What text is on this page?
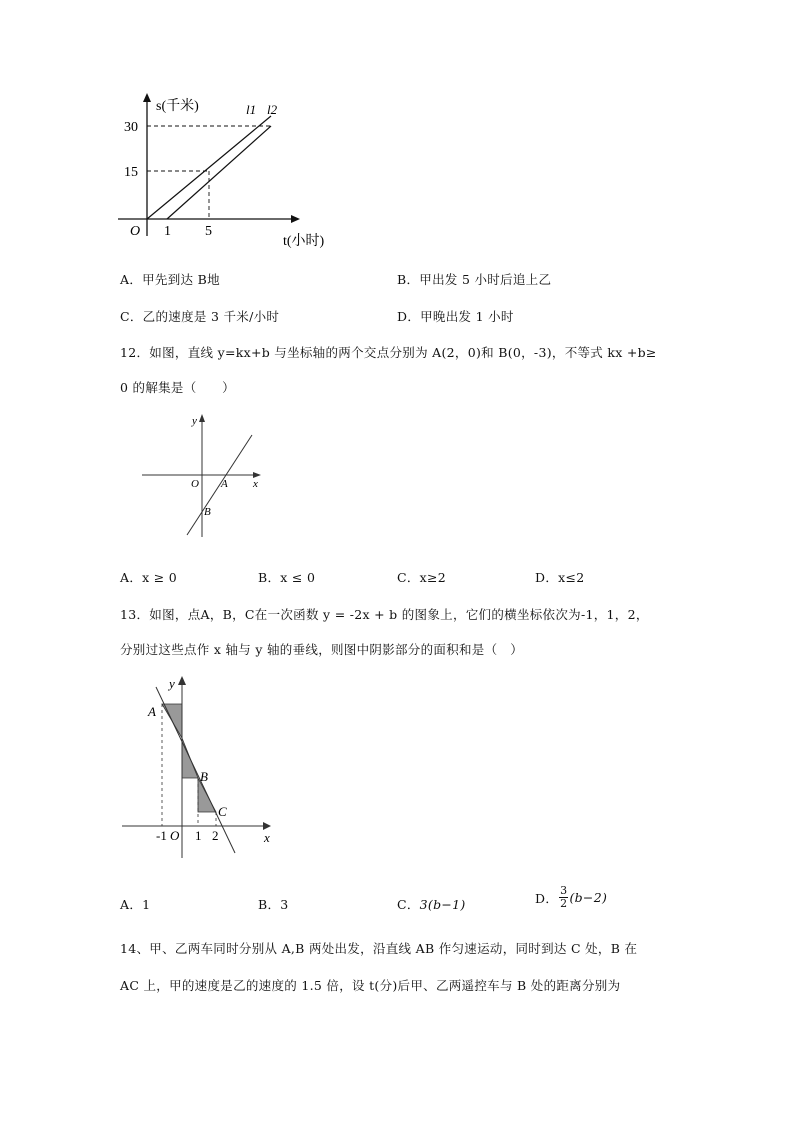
s(千米)
t(小时)
O
30
15
1 5
l1 l2
A．甲先到达 B地	B．甲出发 5 小时后追上乙
C．乙的速度是 3 千米/小时	D．甲晚出发 1 小时
12．如图，直线 y=kx+b 与坐标轴的两个交点分别为 A(2，0)和 B(0，-3)，不等式 kx +b≥
0 的解集是（　　）
y
x
O A
B
A．x ≥ 0	B．x ≤ 0	C．x≥2	D．x≤2
13．如图，点A，B，C在一次函数 y = -2x + b 的图象上，它们的横坐标依次为-1，1，2，
分别过这些点作 x 轴与 y 轴的垂线，则图中阴影部分的面积和是（　）
y
x
A
B
C
-1 O 1 2
A．1	B．3	C．3(b−1)	D． $\frac{3}{2} (b-2)$
14、甲、乙两车同时分别从 A,B 两处出发，沿直线 AB 作匀速运动，同时到达 C 处，B 在
AC 上，甲的速度是乙的速度的 1.5 倍，设 t(分)后甲、乙两遥控车与 B 处的距离分别为
